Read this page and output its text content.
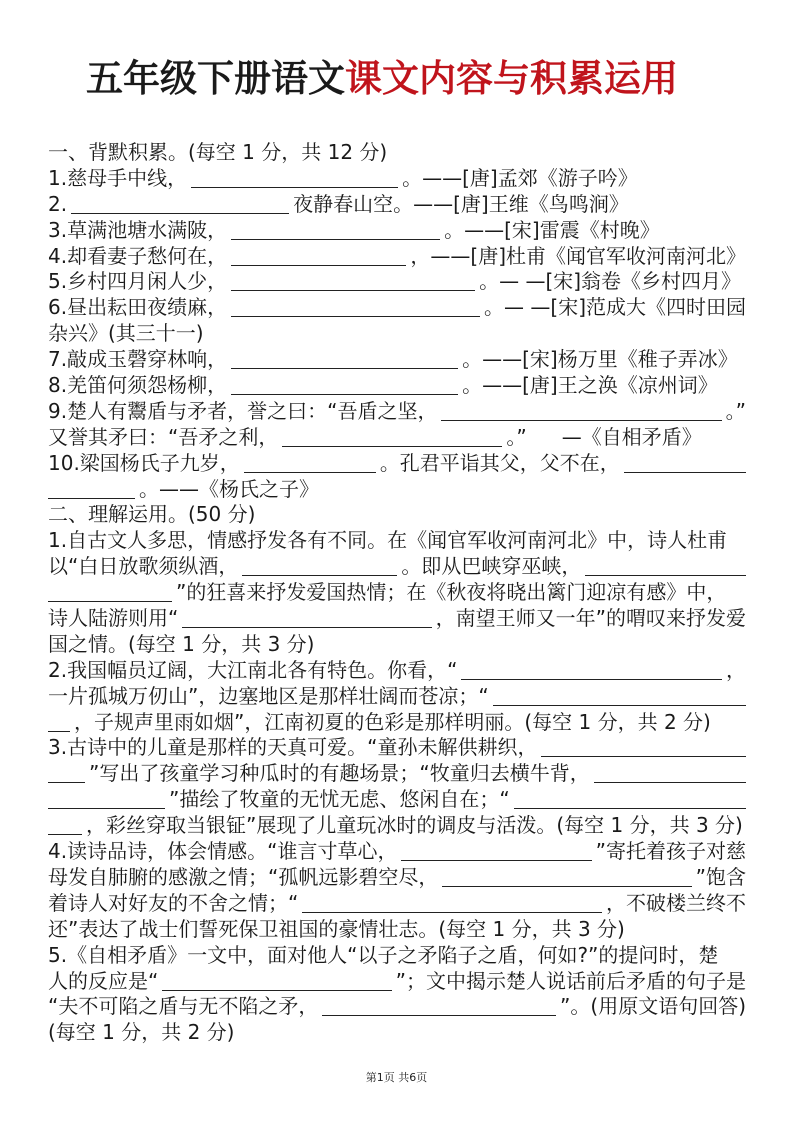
五年级下册语文课文内容与积累运用
一、背默积累。(每空 1 分，共 12 分)
1.慈母手中线，	。——[唐]孟郊《游子吟》
2.	夜静春山空。——[唐]王维《鸟鸣涧》
3.草满池塘水满陂，	。——[宋]雷震《村晚》
4.却看妻子愁何在，	，——[唐]杜甫《闻官军收河南河北》
5.乡村四月闲人少，	。— —[宋]翁卷《乡村四月》
6.昼出耘田夜绩麻，	。— —[宋]范成大《四时田园
杂兴》(其三十一)
7.敲成玉磬穿林响，	。——[宋]杨万里《稚子弄冰》
8.羌笛何须怨杨柳，	。——[唐]王之涣《凉州词》
9.楚人有鬻盾与矛者，誉之曰：“吾盾之坚，	。”
又誉其矛曰：“吾矛之利，	。” —《自相矛盾》
10.梁国杨氏子九岁，	。孔君平诣其父，父不在，
。——《杨氏之子》
二、理解运用。(50 分)
1.自古文人多思，情感抒发各有不同。在《闻官军收河南河北》中，诗人杜甫
以“白日放歌须纵酒，	。即从巴峡穿巫峡，
”的狂喜来抒发爱国热情；在《秋夜将晓出篱门迎凉有感》中，
诗人陆游则用“	，南望王师又一年”的喟叹来抒发爱
国之情。(每空 1 分，共 3 分)
2.我国幅员辽阔，大江南北各有特色。你看，“	，
一片孤城万仞山”，边塞地区是那样壮阔而苍凉；“
，子规声里雨如烟”，江南初夏的色彩是那样明丽。(每空 1 分，共 2 分)
3.古诗中的儿童是那样的天真可爱。“童孙未解供耕织，
”写出了孩童学习种瓜时的有趣场景；“牧童归去横牛背，
”描绘了牧童的无忧无虑、悠闲自在；“
，彩丝穿取当银钲”展现了儿童玩冰时的调皮与活泼。(每空 1 分，共 3 分)
4.读诗品诗，体会情感。“谁言寸草心，	”寄托着孩子对慈
母发自肺腑的感激之情；“孤帆远影碧空尽，	”饱含
着诗人对好友的不舍之情；“	，不破楼兰终不
还”表达了战士们誓死保卫祖国的豪情壮志。(每空 1 分，共 3 分)
5.《自相矛盾》一文中，面对他人“以子之矛陷子之盾，何如?”的提问时，楚
人的反应是“	”；文中揭示楚人说话前后矛盾的句子是
“夫不可陷之盾与无不陷之矛，	”。(用原文语句回答)
(每空 1 分，共 2 分)
第1页 共6页
